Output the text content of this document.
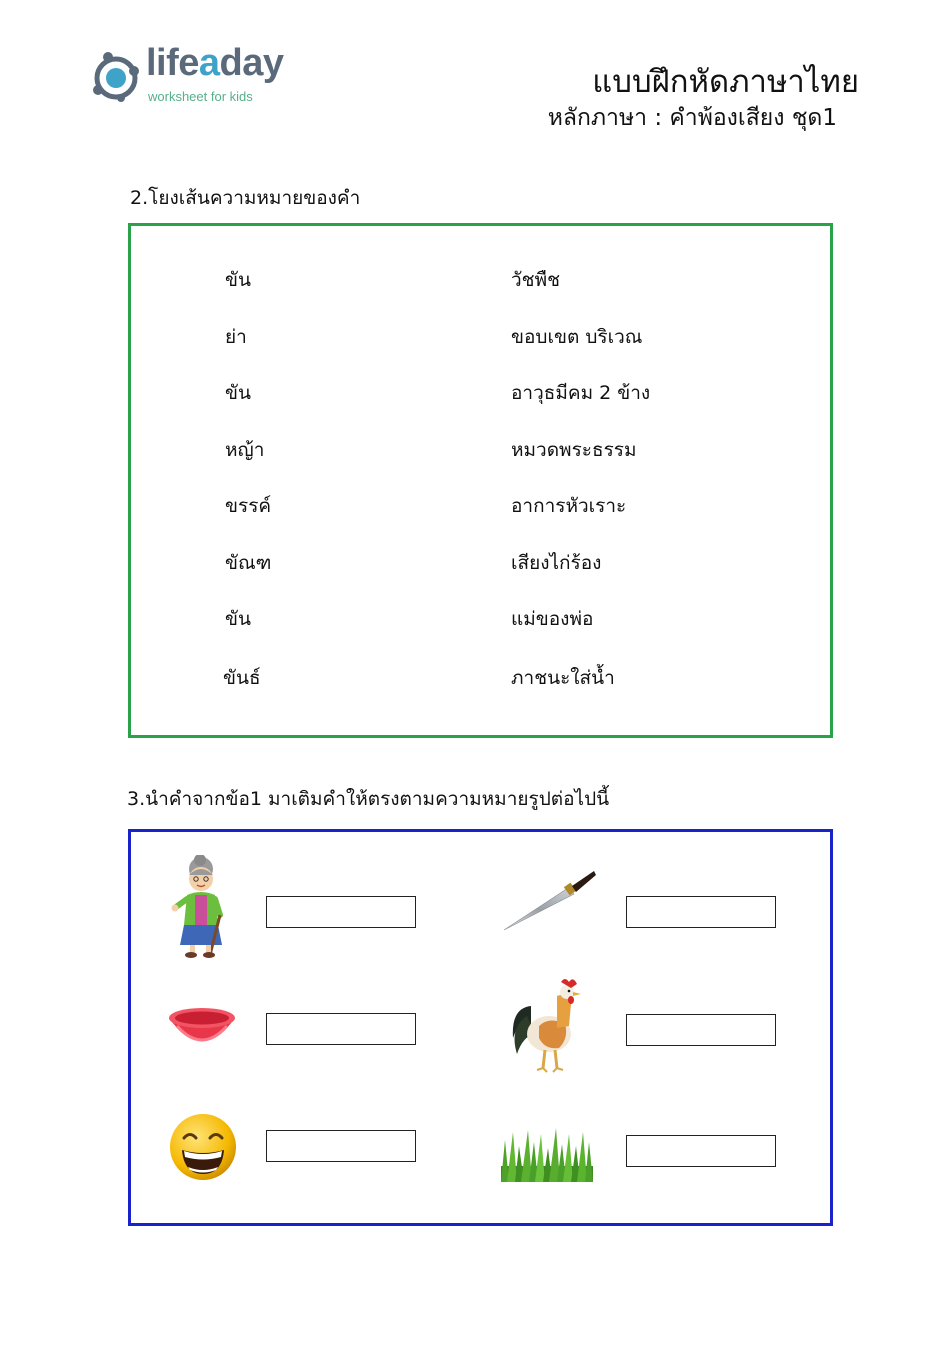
lifeaday
worksheet for kids	แบบฝึกหัดภาษาไทย
หลักภาษา : คำพ้องเสียง ชุด1
2.โยงเส้นความหมายของคำ
ขัน
ย่า
ขัน
หญ้า
ขรรค์
ขัณฑ
ขัน
ขันธ์
วัชพืช
ขอบเขต บริเวณ
อาวุธมีคม 2 ข้าง
หมวดพระธรรม
อาการหัวเราะ
เสียงไก่ร้อง
แม่ของพ่อ
ภาชนะใส่น้ำ
3.นำคำจากข้อ1 มาเติมคำให้ตรงตามความหมายรูปต่อไปนี้
